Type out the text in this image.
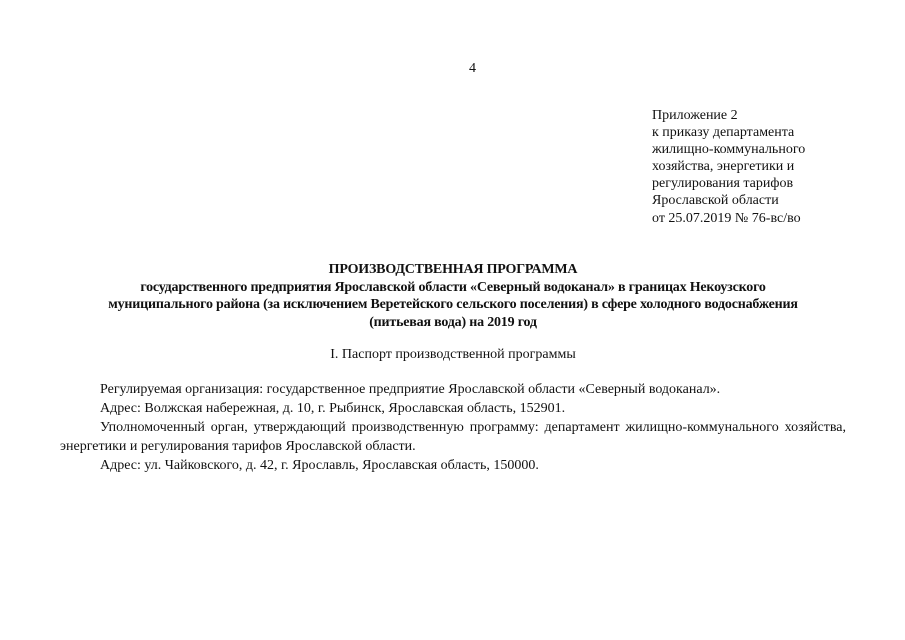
4
Приложение 2
к приказу департамента
жилищно-коммунального
хозяйства, энергетики и
регулирования тарифов
Ярославской области
от 25.07.2019 № 76-вс/во
ПРОИЗВОДСТВЕННАЯ ПРОГРАММА
государственного предприятия Ярославской области «Северный водоканал» в границах Некоузского
муниципального района (за исключением Веретейского сельского поселения) в сфере холодного водоснабжения
(питьевая вода) на 2019 год
I. Паспорт производственной программы

Регулируемая организация: государственное предприятие Ярославской области «Северный водоканал».

Адрес: Волжская набережная, д. 10, г. Рыбинск, Ярославская область, 152901.

Уполномоченный орган, утверждающий производственную программу: департамент жилищно-коммунального хозяйства, энергетики и регулирования тарифов Ярославской области.

Адрес: ул. Чайковского, д. 42, г. Ярославль, Ярославская область, 150000.
